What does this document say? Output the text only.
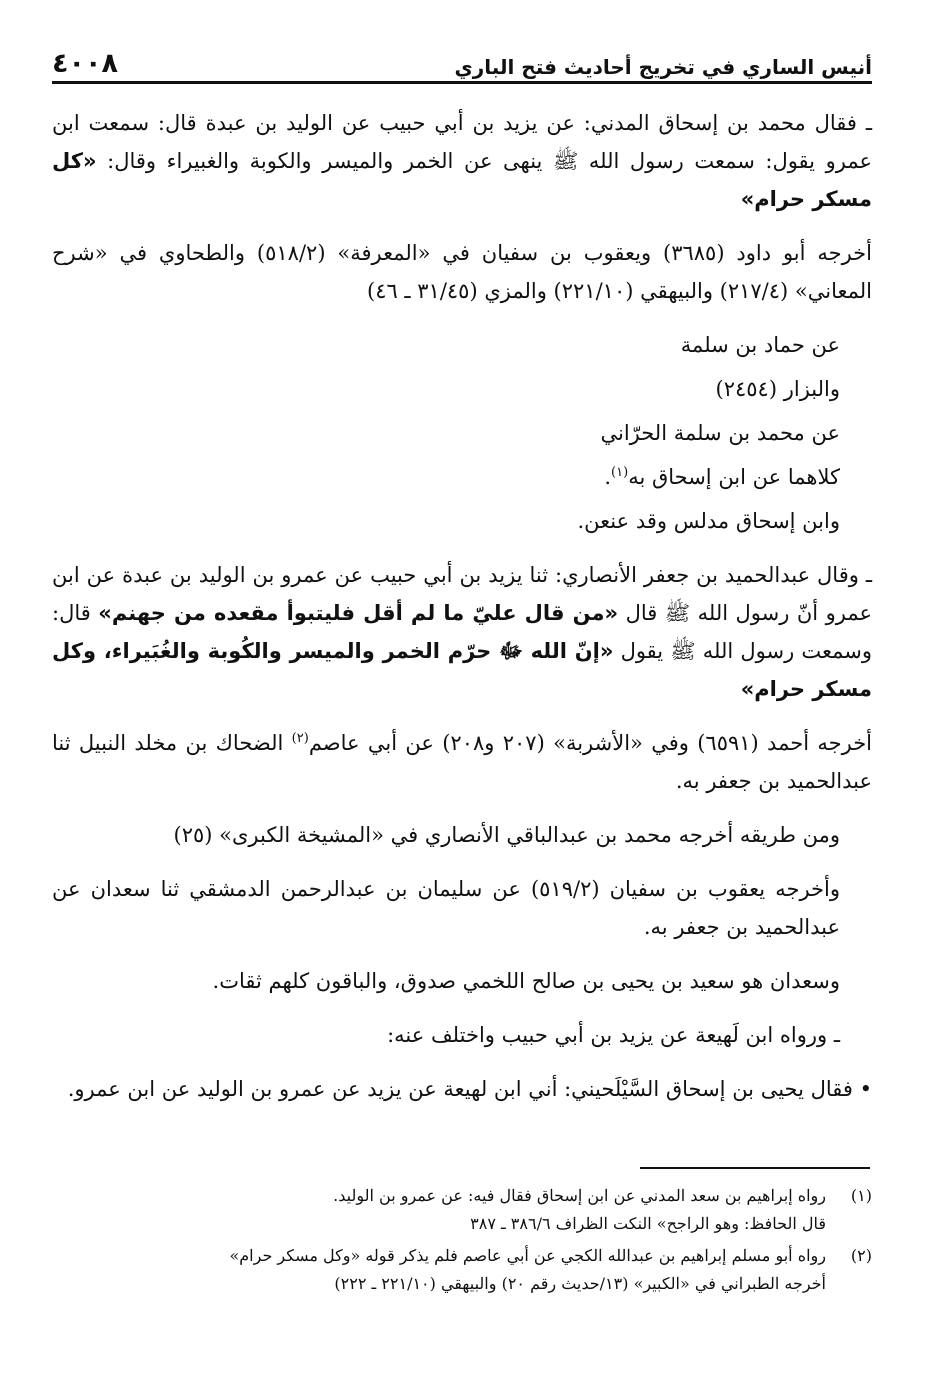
أنيس الساري في تخريج أحاديث فتح الباري
٤٠٠٨

ـ فقال محمد بن إسحاق المدني: عن يزيد بن أبي حبيب عن الوليد بن عبدة قال: سمعت ابن عمرو يقول: سمعت رسول الله ﷺ ينهى عن الخمر والميسر والكوبة والغبيراء وقال: «كل مسكر حرام»

أخرجه أبو داود (٣٦٨٥) ويعقوب بن سفيان في «المعرفة» (٥١٨/٢) والطحاوي في «شرح المعاني» (٢١٧/٤) والبيهقي (٢٢١/١٠) والمزي (٣١/٤٥ ـ ٤٦)

عن حماد بن سلمة

والبزار (٢٤٥٤)

عن محمد بن سلمة الحرّاني

كلاهما عن ابن إسحاق به$^{(١)}$.

وابن إسحاق مدلس وقد عنعن.

ـ وقال عبدالحميد بن جعفر الأنصاري: ثنا يزيد بن أبي حبيب عن عمرو بن الوليد بن عبدة عن ابن عمرو أنّ رسول الله ﷺ قال «من قال عليّ ما لم أقل فليتبوأ مقعده من جهنم» قال: وسمعت رسول الله ﷺ يقول «إنّ الله ﷻ حرّم الخمر والميسر والكُوبة والغُبَيراء، وكل مسكر حرام»

أخرجه أحمد (٦٥٩١) وفي «الأشربة» (٢٠٧ و٢٠٨) عن أبي عاصم$^{(٢)}$ الضحاك بن مخلد النبيل ثنا عبدالحميد بن جعفر به.

ومن طريقه أخرجه محمد بن عبدالباقي الأنصاري في «المشيخة الكبرى» (٢٥)

وأخرجه يعقوب بن سفيان (٥١٩/٢) عن سليمان بن عبدالرحمن الدمشقي ثنا سعدان عن عبدالحميد بن جعفر به.

وسعدان هو سعيد بن يحيى بن صالح اللخمي صدوق، والباقون كلهم ثقات.

ـ ورواه ابن لَهيعة عن يزيد بن أبي حبيب واختلف عنه:

• فقال يحيى بن إسحاق السَّيْلَحيني: أني ابن لهيعة عن يزيد عن عمرو بن الوليد عن ابن عمرو.

(١)
رواه إبراهيم بن سعد المدني عن ابن إسحاق فقال فيه: عن عمرو بن الوليد.
قال الحافظ: وهو الراجح» النكت الظراف ٣٨٦/٦ ـ ٣٨٧
(٢)
رواه أبو مسلم إبراهيم بن عبدالله الكجي عن أبي عاصم فلم يذكر قوله «وكل مسكر حرام»
أخرجه الطبراني في «الكبير» (١٣/حديث رقم ٢٠) والبيهقي (٢٢١/١٠ ـ ٢٢٢)
